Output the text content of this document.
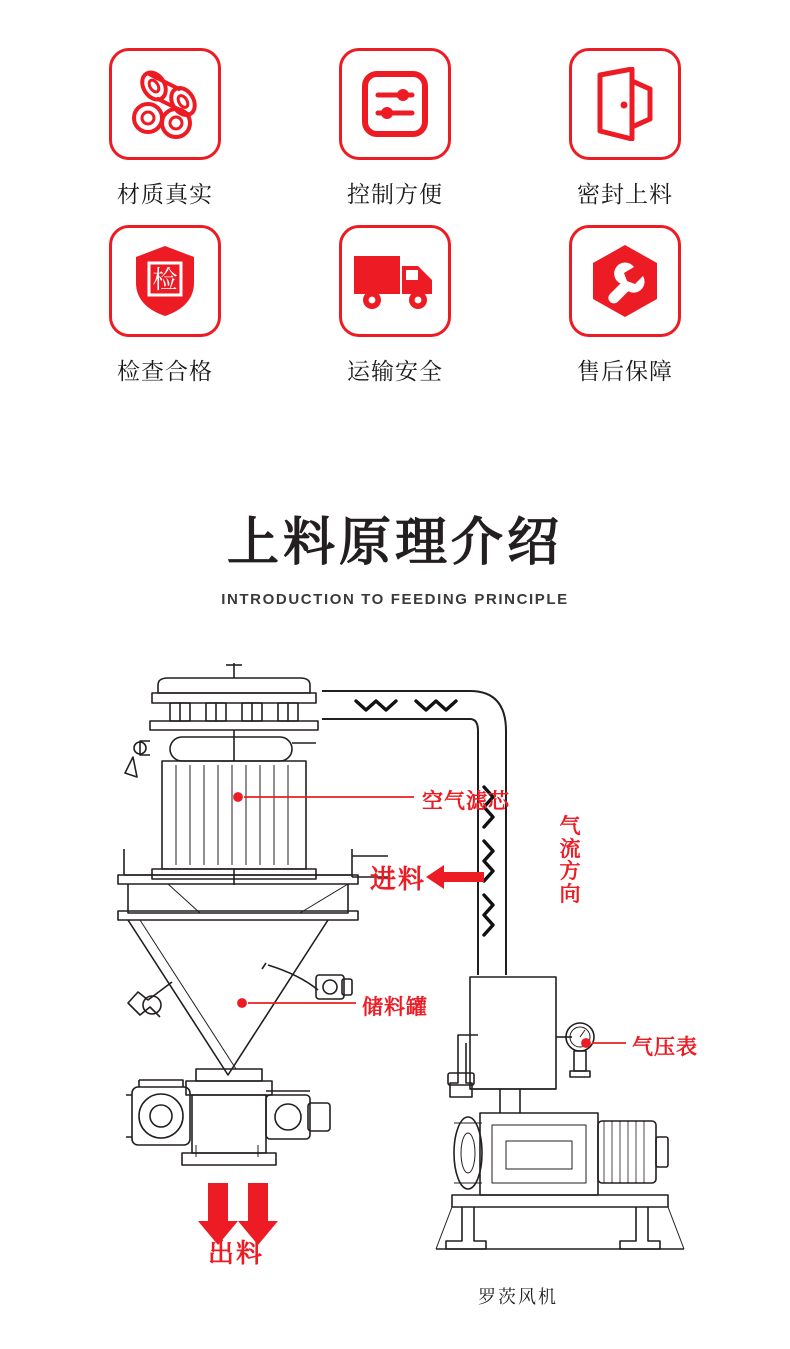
材质真实	控制方便	密封上料
检
检查合格	运输安全	售后保障
上料原理介绍
INTRODUCTION TO FEEDING PRINCIPLE
空气滤芯
进料
气流方向
储料罐
气压表
出料
罗茨风机
